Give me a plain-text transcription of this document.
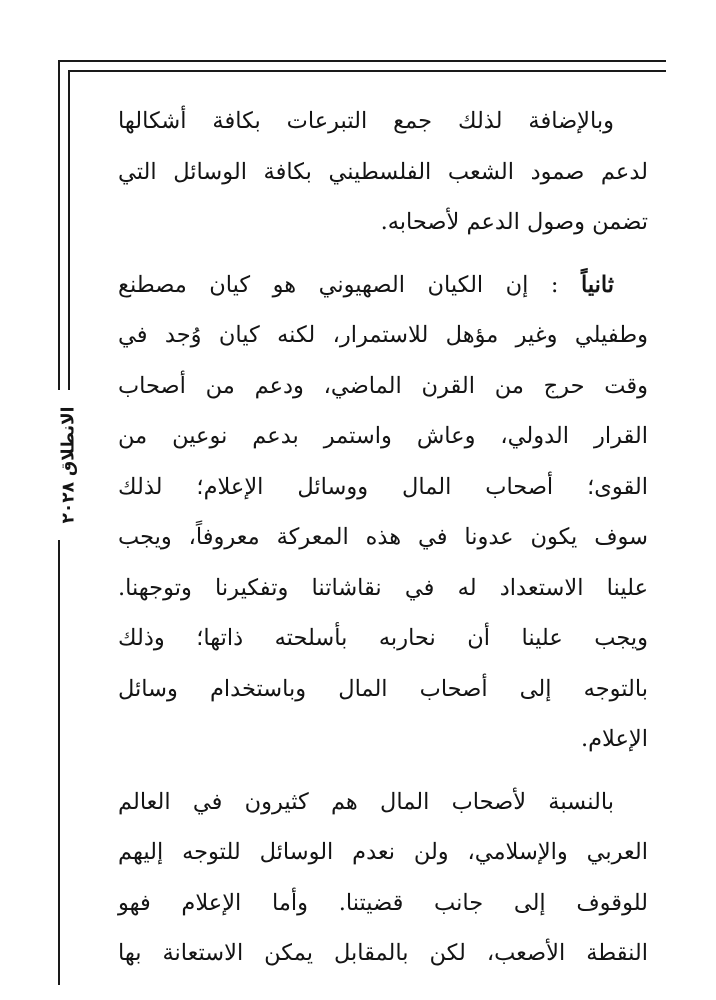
الانطلاق ٢٠٢٨

وبالإضافة لذلك جمع التبرعات بكافة أشكالها
لدعم صمود الشعب الفلسطيني بكافة الوسائل التي
تضمن وصول الدعم لأصحابه.

ثانياً : إن الكيان الصهيوني هو كيان مصطنع
وطفيلي وغير مؤهل للاستمرار، لكنه كيان وُجد في
وقت حرج من القرن الماضي، ودعم من أصحاب
القرار الدولي، وعاش واستمر بدعم نوعين من
القوى؛ أصحاب المال ووسائل الإعلام؛ لذلك
سوف يكون عدونا في هذه المعركة معروفاً، ويجب
علينا الاستعداد له في نقاشاتنا وتفكيرنا وتوجهنا.
ويجب علينا أن نحاربه بأسلحته ذاتها؛ وذلك
بالتوجه إلى أصحاب المال وباستخدام وسائل
الإعلام.

بالنسبة لأصحاب المال هم كثيرون في العالم
العربي والإسلامي، ولن نعدم الوسائل للتوجه إليهم
للوقوف إلى جانب قضيتنا. وأما الإعلام فهو
النقطة الأصعب، لكن بالمقابل يمكن الاستعانة بها
